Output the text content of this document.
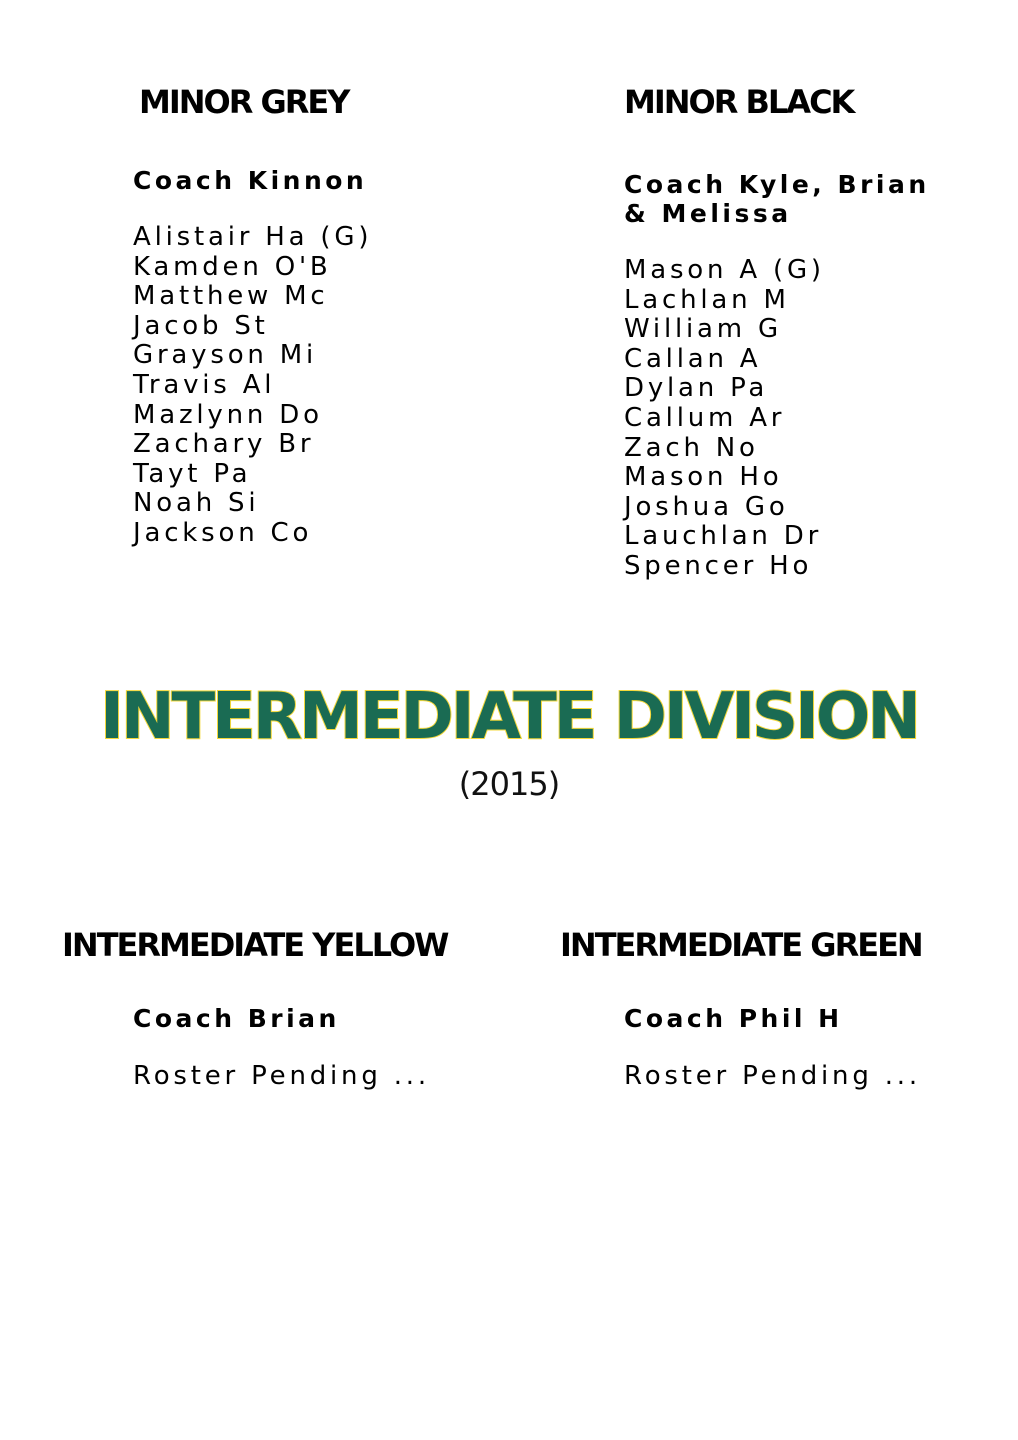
MINOR GREY

Coach Kinnon

Alistair Ha (G)
Kamden O'B
Matthew Mc
Jacob St
Grayson Mi
Travis Al
Mazlynn Do
Zachary Br
Tayt Pa
Noah Si
Jackson Co
MINOR BLACK

Coach Kyle, Brian
& Melissa

Mason A (G)
Lachlan M
William G
Callan A
Dylan Pa
Callum Ar
Zach No
Mason Ho
Joshua Go
Lauchlan Dr
Spencer Ho
INTERMEDIATE DIVISION

(2015)

INTERMEDIATE YELLOW

Coach Brian

Roster Pending ...

INTERMEDIATE GREEN

Coach Phil H

Roster Pending ...
